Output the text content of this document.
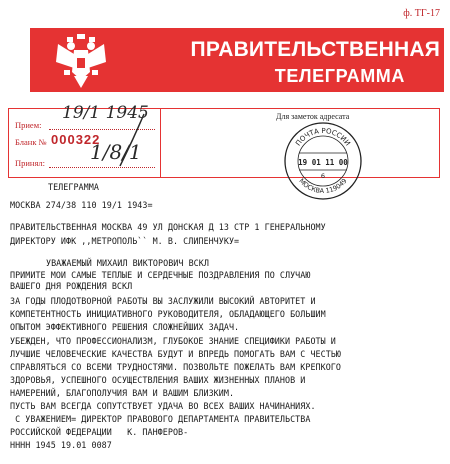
ф. ТГ-17
ПРАВИТЕЛЬСТВЕННАЯ
ТЕЛЕГРАММА
Прием:
Бланк № 000322
Принял:
Для заметок адресата
19/1 1945
1/8/1	ПОЧТА РОССИИ
19 01 11 00
6
МОСКВА 119049
ТЕЛЕГРАММА
МОСКВА 274/38 110 19/1 1943=
ПРАВИТЕЛЬСТВЕННАЯ МОСКВА 49 УЛ ДОНСКАЯ Д 13 СТР 1 ГЕНЕРАЛЬНОМУ
ДИРЕКТОРУ ИФК ,,МЕТРОПОЛЬ`` М. В. СЛИПЕНЧУКУ=
УВАЖАЕМЫЙ МИХАИЛ ВИКТОРОВИЧ ВСКЛ
ПРИМИТЕ МОИ САМЫЕ ТЕПЛЫЕ И СЕРДЕЧНЫЕ ПОЗДРАВЛЕНИЯ ПО СЛУЧАЮ
ВАШЕГО ДНЯ РОЖДЕНИЯ ВСКЛ
ЗА ГОДЫ ПЛОДОТВОРНОЙ РАБОТЫ ВЫ ЗАСЛУЖИЛИ ВЫСОКИЙ АВТОРИТЕТ И
КОМПЕТЕНТНОСТЬ ИНИЦИАТИВНОГО РУКОВОДИТЕЛЯ, ОБЛАДАЮЩЕГО БОЛЬШИМ
ОПЫТОМ ЭФФЕКТИВНОГО РЕШЕНИЯ СЛОЖНЕЙШИХ ЗАДАЧ.
УБЕЖДЕН, ЧТО ПРОФЕССИОНАЛИЗМ, ГЛУБОКОЕ ЗНАНИЕ СПЕЦИФИКИ РАБОТЫ И
ЛУЧШИЕ ЧЕЛОВЕЧЕСКИЕ КАЧЕСТВА БУДУТ И ВПРЕДЬ ПОМОГАТЬ ВАМ С ЧЕСТЬЮ
СПРАВЛЯТЬСЯ СО ВСЕМИ ТРУДНОСТЯМИ. ПОЗВОЛЬТЕ ПОЖЕЛАТЬ ВАМ КРЕПКОГО
ЗДОРОВЬЯ, УСПЕШНОГО ОСУЩЕСТВЛЕНИЯ ВАШИХ ЖИЗНЕННЫХ ПЛАНОВ И
НАМЕРЕНИЙ, БЛАГОПОЛУЧИЯ ВАМ И ВАШИМ БЛИЗКИМ.
ПУСТЬ ВАМ ВСЕГДА СОПУТСТВУЕТ УДАЧА ВО ВСЕХ ВАШИХ НАЧИНАНИЯХ.
С УВАЖЕНИЕМ= ДИРЕКТОР ПРАВОВОГО ДЕПАРТАМЕНТА ПРАВИТЕЛЬСТВА
РОССИЙСКОЙ ФЕДЕРАЦИИ   К. ПАНФЕРОВ-
НННН 1945 19.01 0087
